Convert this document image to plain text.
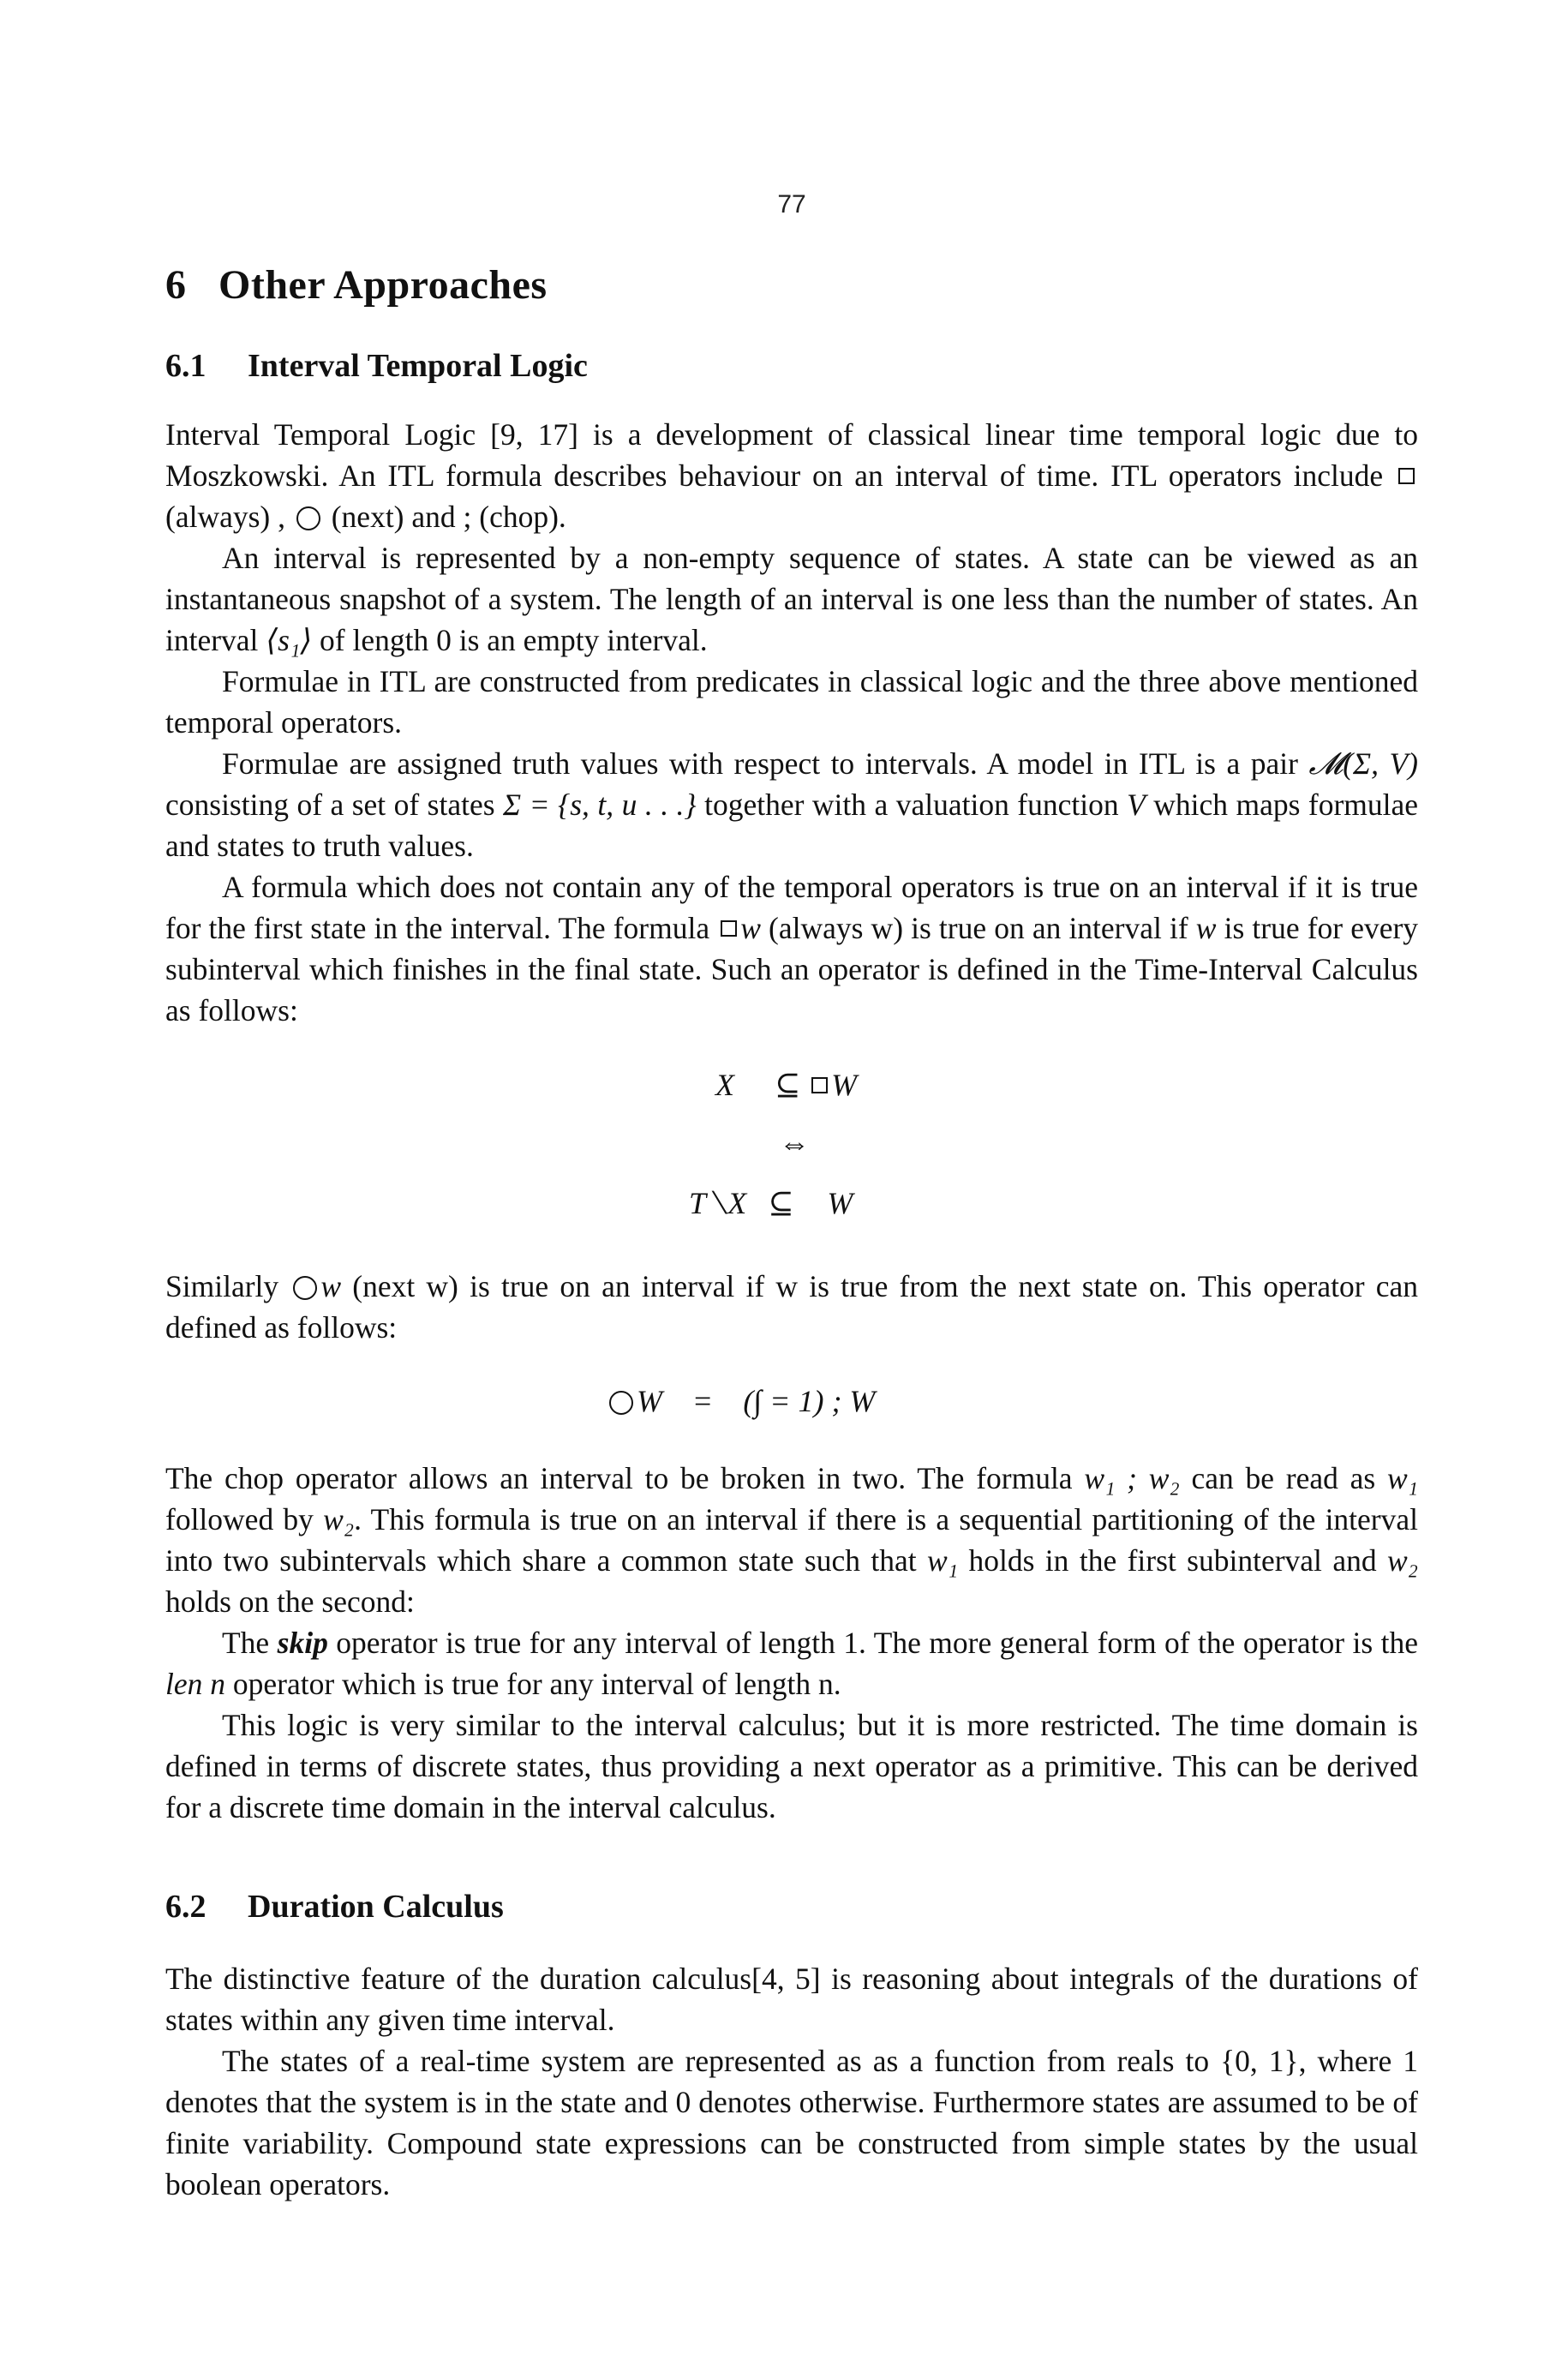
77
6 Other Approaches
6.1 Interval Temporal Logic

Interval Temporal Logic [9, 17] is a development of classical linear time temporal logic due to Moszkowski. An ITL formula describes behaviour on an interval of time. ITL operators include  (always) , (next) and ; (chop).

An interval is represented by a non-empty sequence of states. A state can be viewed as an instantaneous snapshot of a system. The length of an interval is one less than the number of states. An interval ⟨s₁⟩ of length 0 is an empty interval.

Formulae in ITL are constructed from predicates in classical logic and the three above mentioned temporal operators.

Formulae are assigned truth values with respect to intervals. A model in ITL is a pair 𝓜(Σ, V) consisting of a set of states Σ = {s, t, u . . .} together with a valuation function V which maps formulae and states to truth values.

A formula which does not contain any of the temporal operators is true on an interval if it is true for the first state in the interval. The formula w (always w) is true on an interval if w is true for every subinterval which finishes in the final state. Such an operator is defined in the Time-Interval Calculus as follows:

X ⊆ W
⇔
T⟍X ⊆ W

Similarly w (next w) is true on an interval if w is true from the next state on. This operator can defined as follows:

W = (∫ = 1) ; W

The chop operator allows an interval to be broken in two. The formula w₁ ; w₂ can be read as w₁ followed by w₂. This formula is true on an interval if there is a sequential partitioning of the interval into two subintervals which share a common state such that w₁ holds in the first subinterval and w₂ holds on the second:

The skip operator is true for any interval of length 1. The more general form of the operator is the len n operator which is true for any interval of length n.

This logic is very similar to the interval calculus; but it is more restricted. The time domain is defined in terms of discrete states, thus providing a next operator as a primitive. This can be derived for a discrete time domain in the interval calculus.

6.2 Duration Calculus

The distinctive feature of the duration calculus[4, 5] is reasoning about integrals of the durations of states within any given time interval.

The states of a real-time system are represented as as a function from reals to {0, 1}, where 1 denotes that the system is in the state and 0 denotes otherwise. Furthermore states are assumed to be of finite variability. Compound state expressions can be constructed from simple states by the usual boolean operators.
